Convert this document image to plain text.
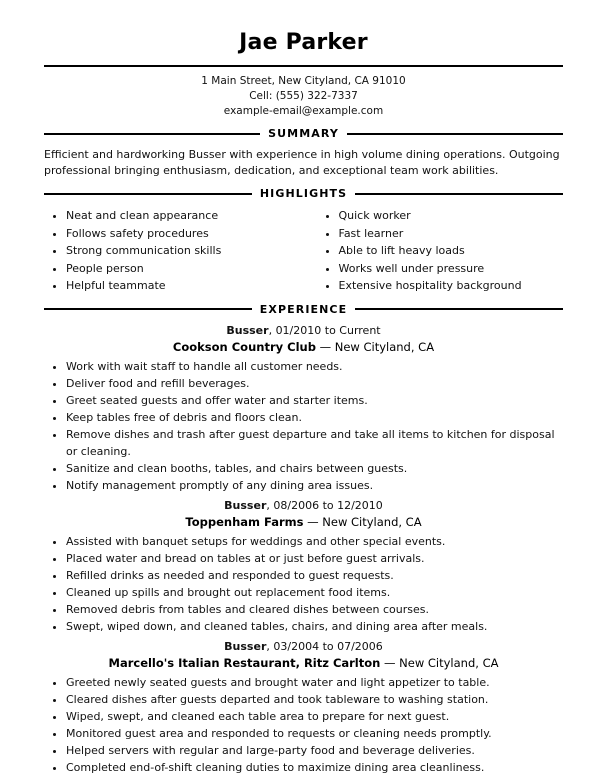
Jae Parker
1 Main Street, New Cityland, CA 91010
Cell: (555) 322-7337
example-email@example.com
SUMMARY
Efficient and hardworking Busser with experience in high volume dining operations. Outgoing professional bringing enthusiasm, dedication, and exceptional team work abilities.
HIGHLIGHTS
• Neat and clean appearance
• Follows safety procedures
• Strong communication skills
• People person
• Helpful teammate
• Quick worker
• Fast learner
• Able to lift heavy loads
• Works well under pressure
• Extensive hospitality background
EXPERIENCE
Busser, 01/2010 to Current
Cookson Country Club — New Cityland, CA
• Work with wait staff to handle all customer needs.
• Deliver food and refill beverages.
• Greet seated guests and offer water and starter items.
• Keep tables free of debris and floors clean.
• Remove dishes and trash after guest departure and take all items to kitchen for disposal or cleaning.
• Sanitize and clean booths, tables, and chairs between guests.
• Notify management promptly of any dining area issues.
Busser, 08/2006 to 12/2010
Toppenham Farms — New Cityland, CA
• Assisted with banquet setups for weddings and other special events.
• Placed water and bread on tables at or just before guest arrivals.
• Refilled drinks as needed and responded to guest requests.
• Cleaned up spills and brought out replacement food items.
• Removed debris from tables and cleared dishes between courses.
• Swept, wiped down, and cleaned tables, chairs, and dining area after meals.
Busser, 03/2004 to 07/2006
Marcello's Italian Restaurant, Ritz Carlton — New Cityland, CA
• Greeted newly seated guests and brought water and light appetizer to table.
• Cleared dishes after guests departed and took tableware to washing station.
• Wiped, swept, and cleaned each table area to prepare for next guest.
• Monitored guest area and responded to requests or cleaning needs promptly.
• Helped servers with regular and large-party food and beverage deliveries.
• Completed end-of-shift cleaning duties to maximize dining area cleanliness.
